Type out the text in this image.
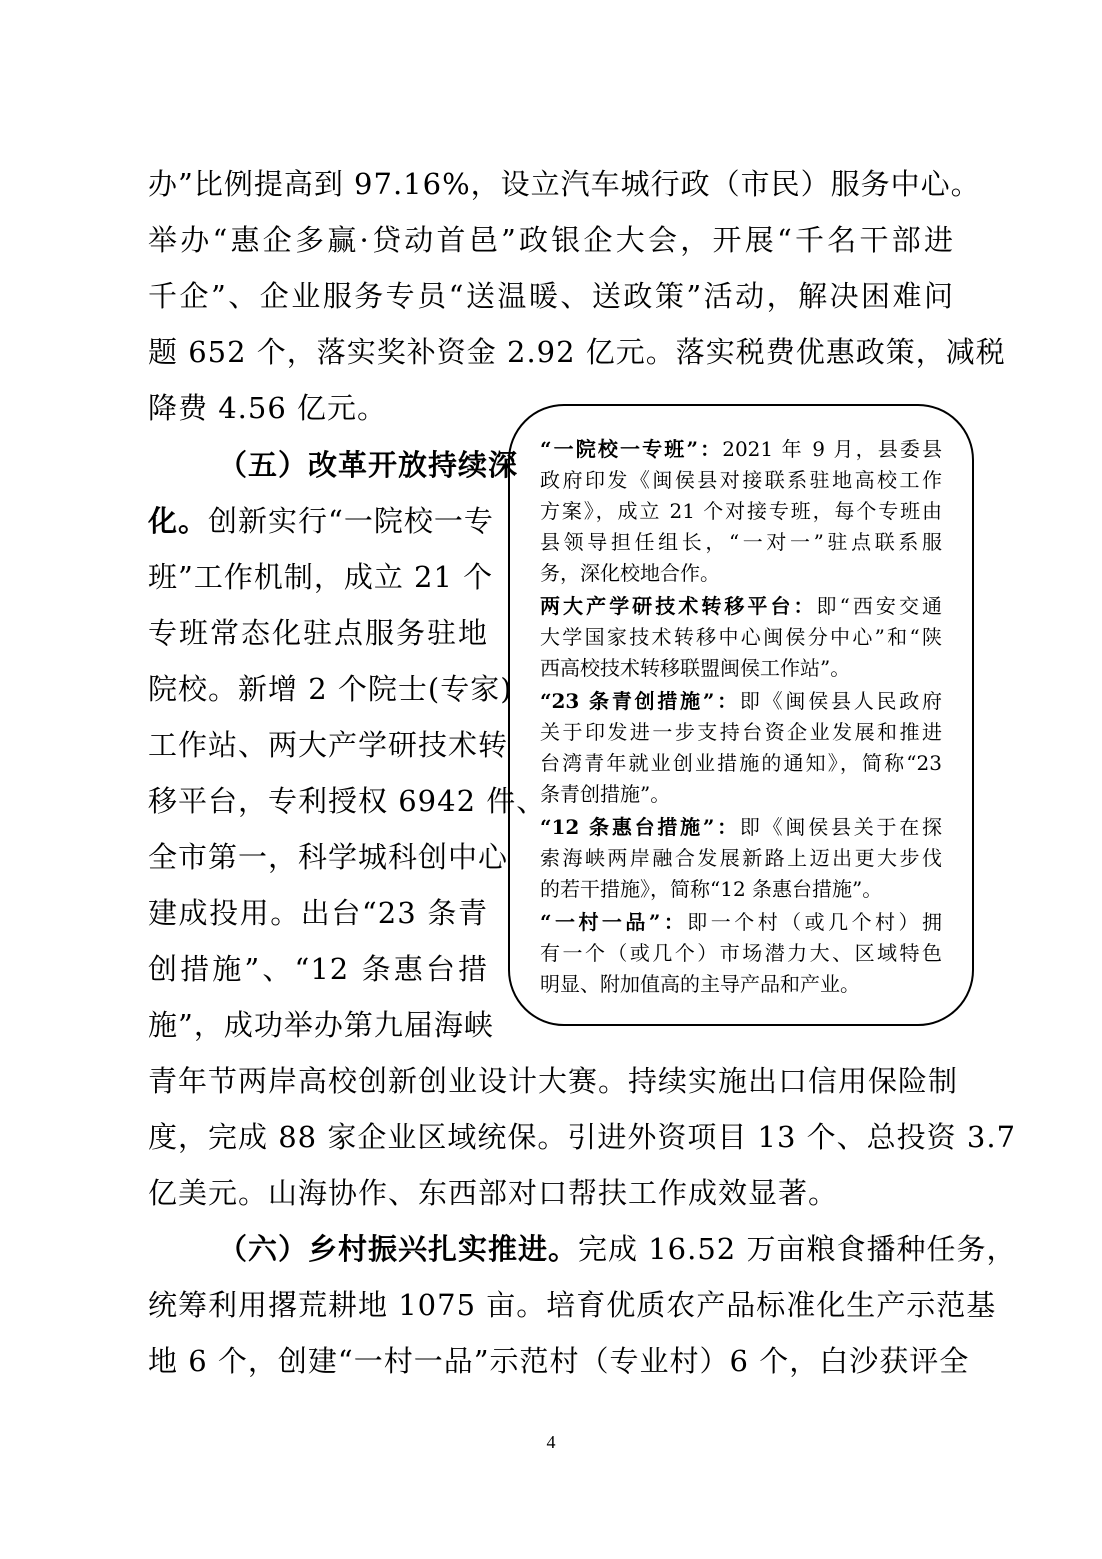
办”比例提高到 97.16%，设立汽车城行政（市民）服务中心。
举办“惠企多赢·贷动首邑”政银企大会，开展“千名干部进
千企”、企业服务专员“送温暖、送政策”活动，解决困难问
题 652 个，落实奖补资金 2.92 亿元。落实税费优惠政策，减税
降费 4.56 亿元。
（五）改革开放持续深
化。创新实行“一院校一专
班”工作机制，成立 21 个
专班常态化驻点服务驻地
院校。新增 2 个院士(专家)
工作站、两大产学研技术转
移平台，专利授权 6942 件、
全市第一，科学城科创中心
建成投用。出台“23 条青
创措施”、“12 条惠台措
施”，成功举办第九届海峡
青年节两岸高校创新创业设计大赛。持续实施出口信用保险制
度，完成 88 家企业区域统保。引进外资项目 13 个、总投资 3.7
亿美元。山海协作、东西部对口帮扶工作成效显著。
（六）乡村振兴扎实推进。完成 16.52 万亩粮食播种任务，
统筹利用撂荒耕地 1075 亩。培育优质农产品标准化生产示范基
地 6 个，创建“一村一品”示范村（专业村）6 个，白沙获评全
“一院校一专班”：2021 年 9 月，县委县
政府印发《闽侯县对接联系驻地高校工作
方案》，成立 21 个对接专班，每个专班由
县领导担任组长，“一对一”驻点联系服
务，深化校地合作。
两大产学研技术转移平台：即“西安交通
大学国家技术转移中心闽侯分中心”和“陕
西高校技术转移联盟闽侯工作站”。
“23 条青创措施”：即《闽侯县人民政府
关于印发进一步支持台资企业发展和推进
台湾青年就业创业措施的通知》，简称“23
条青创措施”。
“12 条惠台措施”：即《闽侯县关于在探
索海峡两岸融合发展新路上迈出更大步伐
的若干措施》，简称“12 条惠台措施”。
“一村一品”：即一个村（或几个村）拥
有一个（或几个）市场潜力大、区域特色
明显、附加值高的主导产品和产业。
4
